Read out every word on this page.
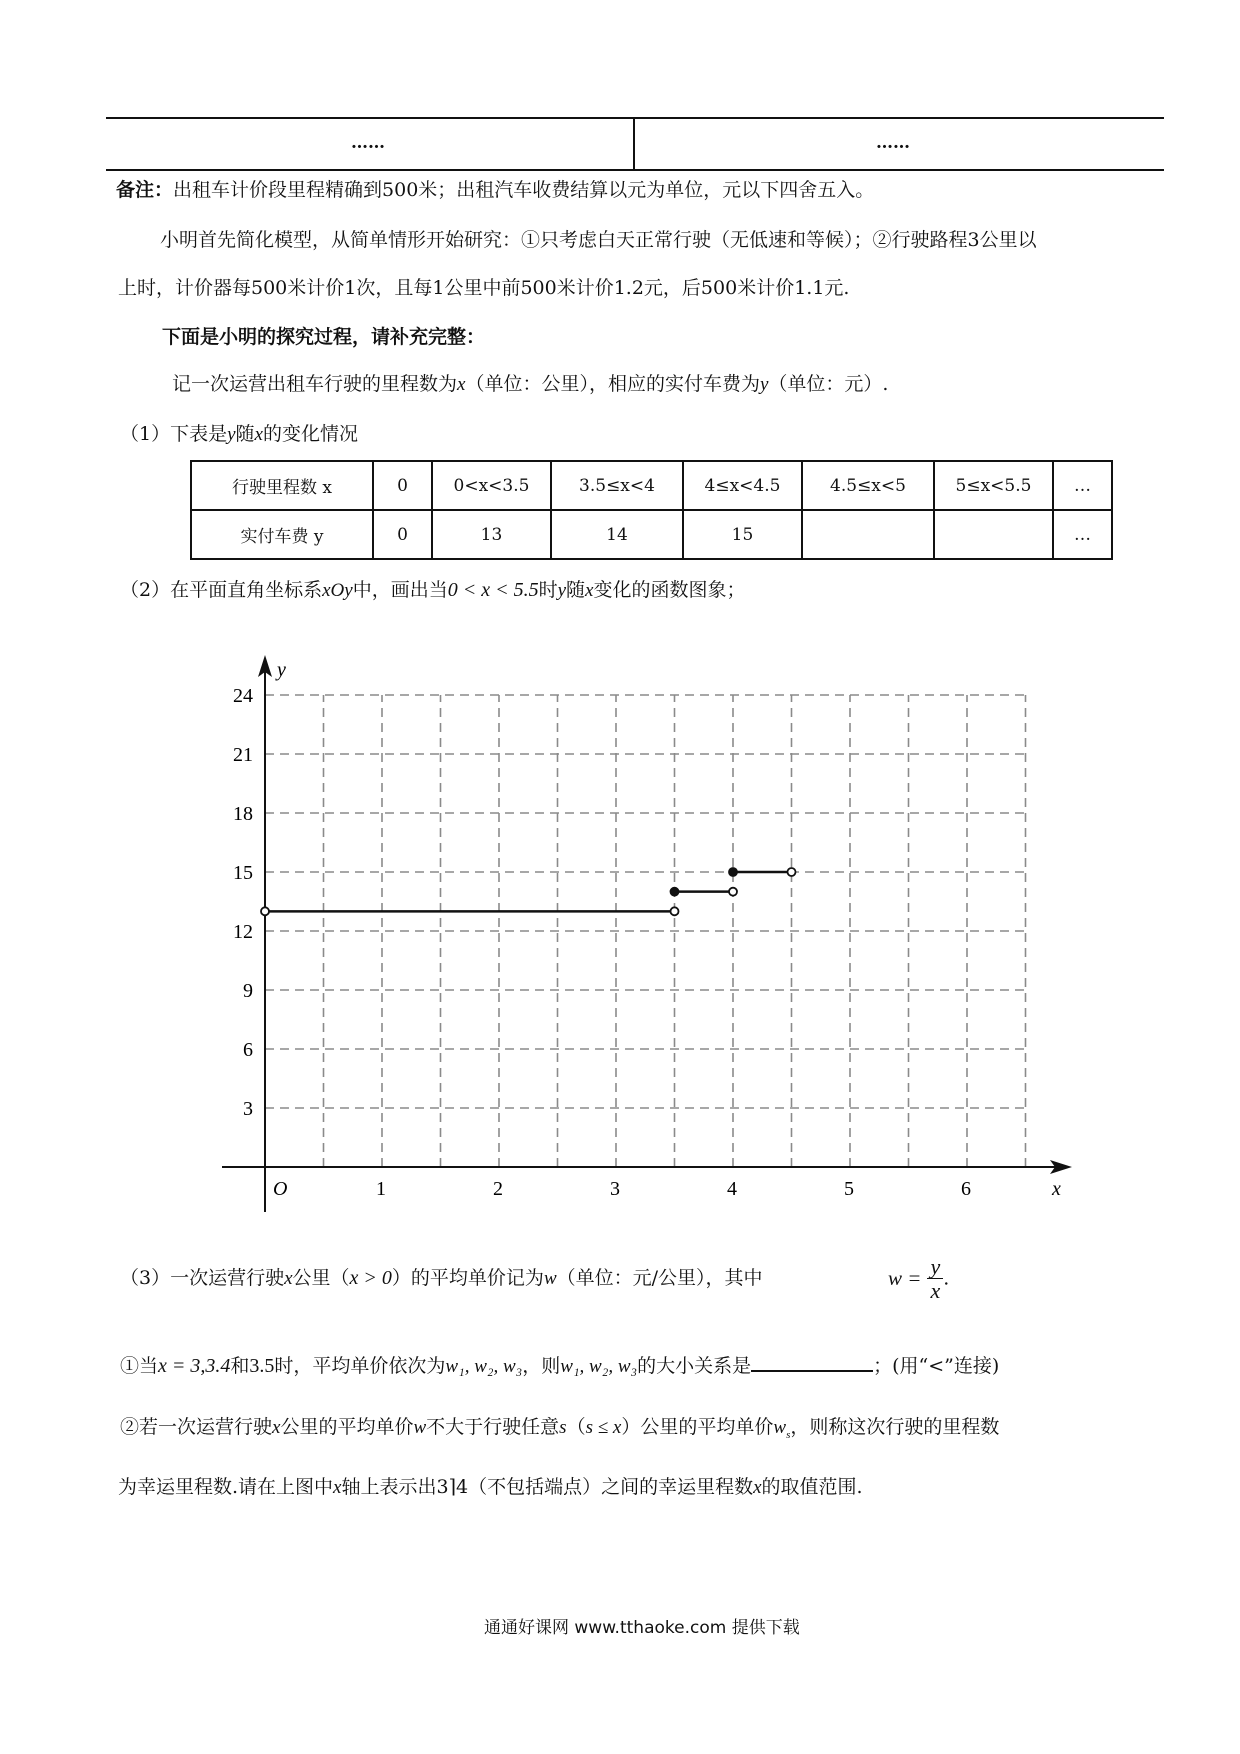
……	……
备注：出租车计价段里程精确到500米；出租汽车收费结算以元为单位，元以下四舍五入。
小明首先简化模型，从简单情形开始研究：①只考虑白天正常行驶（无低速和等候）；②行驶路程3公里以
上时，计价器每500米计价1次，且每1公里中前500米计价1.2元，后500米计价1.1元.
下面是小明的探究过程，请补充完整：
记一次运营出租车行驶的里程数为x（单位：公里），相应的实付车费为y（单位：元）.
（1）下表是y随x的变化情况
行驶里程数 x	0	0<x<3.5	3.5≤x<4	4≤x<4.5	4.5≤x<5	5≤x<5.5	…
实付车费 y	0	13	14	15			…
（2）在平面直角坐标系xOy中，画出当0 < x < 5.5时y随x变化的函数图象；
x
y
O	1	2	3	4	5	6
3
6
9
12
15
18
21
24
（3）一次运营行驶x公里（x > 0）的平均单价记为w（单位：元/公里），其中	$w = \frac{y}{x}$ .
①当x = 3,3.4和3.5时，平均单价依次为w₁, w₂, w₃，则w₁, w₂, w₃的大小关系是	；(用“<”连接)
②若一次运营行驶x公里的平均单价w不大于行驶任意s（s ≤ x）公里的平均单价$w_s$，则称这次行驶的里程数
为幸运里程数.请在上图中x轴上表示出3⌉4（不包括端点）之间的幸运里程数x的取值范围.
通通好课网 www.tthaoke.com 提供下载
